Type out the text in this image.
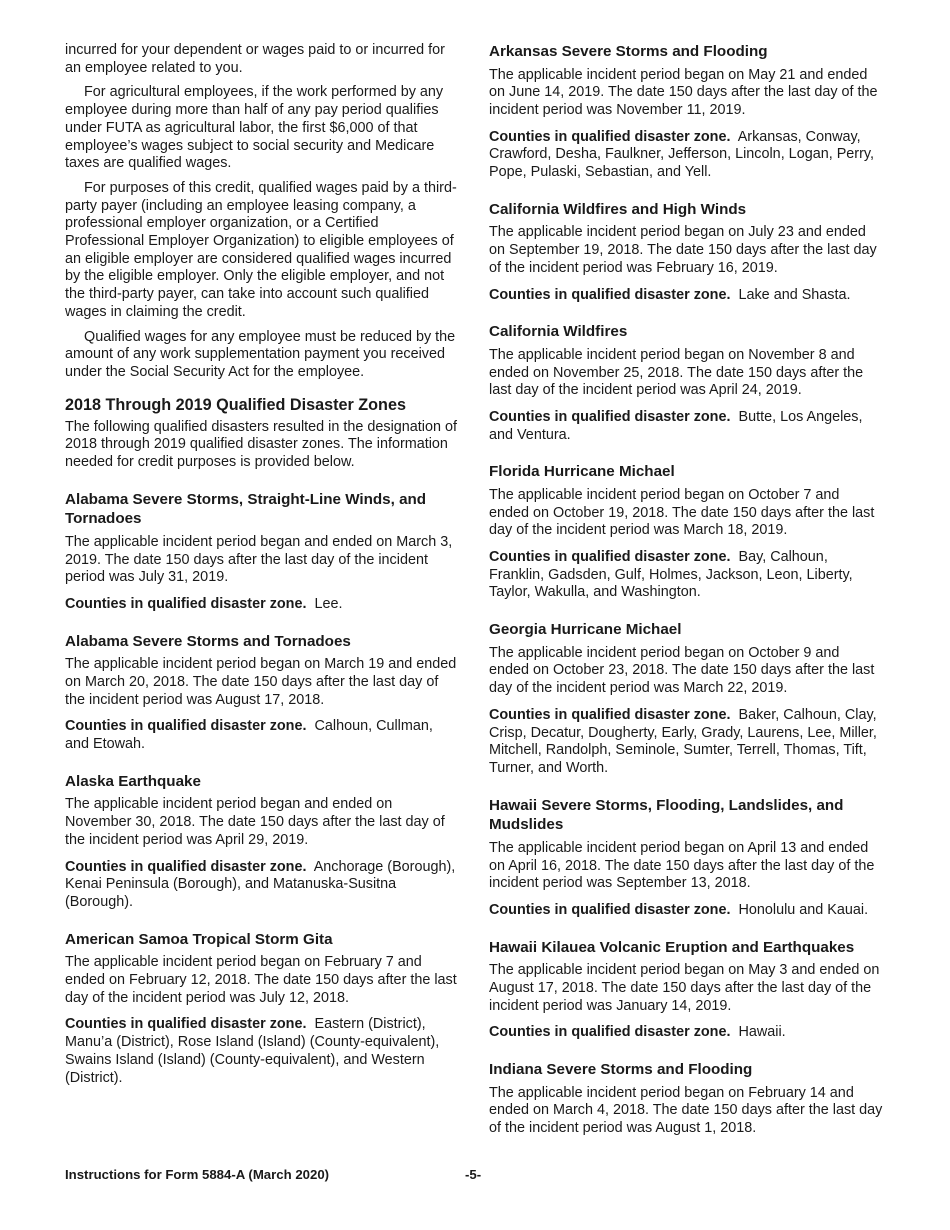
incurred for your dependent or wages paid to or incurred for an employee related to you.

For agricultural employees, if the work performed by any employee during more than half of any pay period qualifies under FUTA as agricultural labor, the first $6,000 of that employee’s wages subject to social security and Medicare taxes are qualified wages.

For purposes of this credit, qualified wages paid by a third-party payer (including an employee leasing company, a professional employer organization, or a Certified Professional Employer Organization) to eligible employees of an eligible employer are considered qualified wages incurred by the eligible employer. Only the eligible employer, and not the third-party payer, can take into account such qualified wages in claiming the credit.

Qualified wages for any employee must be reduced by the amount of any work supplementation payment you received under the Social Security Act for the employee.

2018 Through 2019 Qualified Disaster Zones

The following qualified disasters resulted in the designation of 2018 through 2019 qualified disaster zones. The information needed for credit purposes is provided below.

Alabama Severe Storms, Straight-Line Winds, and Tornadoes

The applicable incident period began and ended on March 3, 2019. The date 150 days after the last day of the incident period was July 31, 2019.

Counties in qualified disaster zone. Lee.

Alabama Severe Storms and Tornadoes

The applicable incident period began on March 19 and ended on March 20, 2018. The date 150 days after the last day of the incident period was August 17, 2018.

Counties in qualified disaster zone. Calhoun, Cullman, and Etowah.

Alaska Earthquake

The applicable incident period began and ended on November 30, 2018. The date 150 days after the last day of the incident period was April 29, 2019.

Counties in qualified disaster zone. Anchorage (Borough), Kenai Peninsula (Borough), and Matanuska-Susitna (Borough).

American Samoa Tropical Storm Gita

The applicable incident period began on February 7 and ended on February 12, 2018. The date 150 days after the last day of the incident period was July 12, 2018.

Counties in qualified disaster zone. Eastern (District), Manu’a (District), Rose Island (Island) (County-equivalent), Swains Island (Island) (County-equivalent), and Western (District).

Arkansas Severe Storms and Flooding

The applicable incident period began on May 21 and ended on June 14, 2019. The date 150 days after the last day of the incident period was November 11, 2019.

Counties in qualified disaster zone. Arkansas, Conway, Crawford, Desha, Faulkner, Jefferson, Lincoln, Logan, Perry, Pope, Pulaski, Sebastian, and Yell.

California Wildfires and High Winds

The applicable incident period began on July 23 and ended on September 19, 2018. The date 150 days after the last day of the incident period was February 16, 2019.

Counties in qualified disaster zone. Lake and Shasta.

California Wildfires

The applicable incident period began on November 8 and ended on November 25, 2018. The date 150 days after the last day of the incident period was April 24, 2019.

Counties in qualified disaster zone. Butte, Los Angeles, and Ventura.

Florida Hurricane Michael

The applicable incident period began on October 7 and ended on October 19, 2018. The date 150 days after the last day of the incident period was March 18, 2019.

Counties in qualified disaster zone. Bay, Calhoun, Franklin, Gadsden, Gulf, Holmes, Jackson, Leon, Liberty, Taylor, Wakulla, and Washington.

Georgia Hurricane Michael

The applicable incident period began on October 9 and ended on October 23, 2018. The date 150 days after the last day of the incident period was March 22, 2019.

Counties in qualified disaster zone. Baker, Calhoun, Clay, Crisp, Decatur, Dougherty, Early, Grady, Laurens, Lee, Miller, Mitchell, Randolph, Seminole, Sumter, Terrell, Thomas, Tift, Turner, and Worth.

Hawaii Severe Storms, Flooding, Landslides, and Mudslides

The applicable incident period began on April 13 and ended on April 16, 2018. The date 150 days after the last day of the incident period was September 13, 2018.

Counties in qualified disaster zone. Honolulu and Kauai.

Hawaii Kilauea Volcanic Eruption and Earthquakes

The applicable incident period began on May 3 and ended on August 17, 2018. The date 150 days after the last day of the incident period was January 14, 2019.

Counties in qualified disaster zone. Hawaii.

Indiana Severe Storms and Flooding

The applicable incident period began on February 14 and ended on March 4, 2018. The date 150 days after the last day of the incident period was August 1, 2018.

Instructions for Form 5884-A (March 2020)	-5-
